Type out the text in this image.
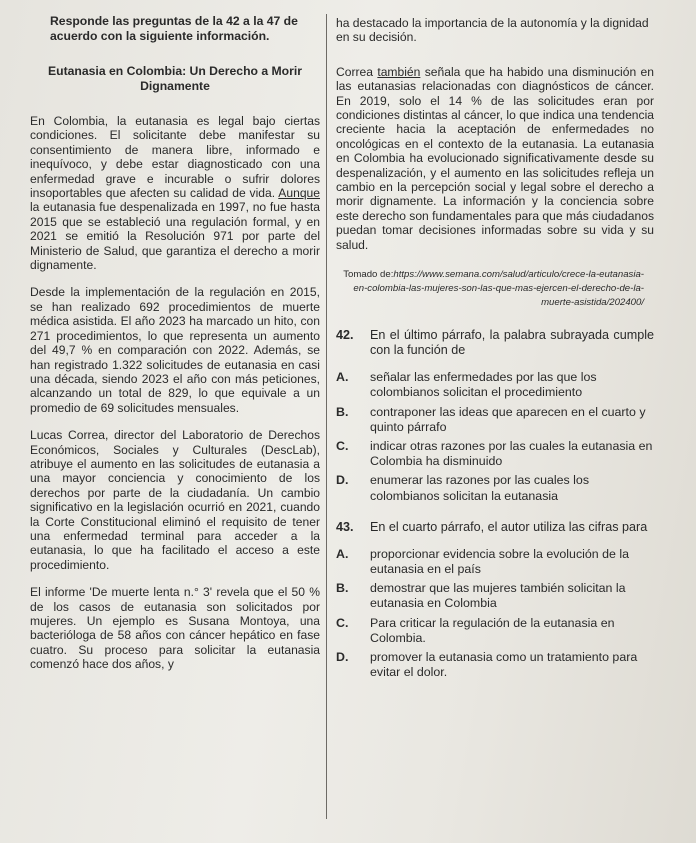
Responde las preguntas de la 42 a la 47 de acuerdo con la siguiente información.
Eutanasia en Colombia: Un Derecho a Morir Dignamente
En Colombia, la eutanasia es legal bajo ciertas condiciones. El solicitante debe manifestar su consentimiento de manera libre, informado e inequívoco, y debe estar diagnosticado con una enfermedad grave e incurable o sufrir dolores insoportables que afecten su calidad de vida. Aunque la eutanasia fue despenalizada en 1997, no fue hasta 2015 que se estableció una regulación formal, y en 2021 se emitió la Resolución 971 por parte del Ministerio de Salud, que garantiza el derecho a morir dignamente.
Desde la implementación de la regulación en 2015, se han realizado 692 procedimientos de muerte médica asistida. El año 2023 ha marcado un hito, con 271 procedimientos, lo que representa un aumento del 49,7 % en comparación con 2022. Además, se han registrado 1.322 solicitudes de eutanasia en casi una década, siendo 2023 el año con más peticiones, alcanzando un total de 829, lo que equivale a un promedio de 69 solicitudes mensuales.
Lucas Correa, director del Laboratorio de Derechos Económicos, Sociales y Culturales (DescLab), atribuye el aumento en las solicitudes de eutanasia a una mayor conciencia y conocimiento de los derechos por parte de la ciudadanía. Un cambio significativo en la legislación ocurrió en 2021, cuando la Corte Constitucional eliminó el requisito de tener una enfermedad terminal para acceder a la eutanasia, lo que ha facilitado el acceso a este procedimiento.
El informe 'De muerte lenta n.° 3' revela que el 50 % de los casos de eutanasia son solicitados por mujeres. Un ejemplo es Susana Montoya, una bacterióloga de 58 años con cáncer hepático en fase cuatro. Su proceso para solicitar la eutanasia comenzó hace dos años, y
ha destacado la importancia de la autonomía y la dignidad en su decisión.
Correa también señala que ha habido una disminución en las eutanasias relacionadas con diagnósticos de cáncer. En 2019, solo el 14 % de las solicitudes eran por condiciones distintas al cáncer, lo que indica una tendencia creciente hacia la aceptación de enfermedades no oncológicas en el contexto de la eutanasia. La eutanasia en Colombia ha evolucionado significativamente desde su despenalización, y el aumento en las solicitudes refleja un cambio en la percepción social y legal sobre el derecho a morir dignamente. La información y la conciencia sobre este derecho son fundamentales para que más ciudadanos puedan tomar decisiones informadas sobre su vida y su salud.
Tomado de:https://www.semana.com/salud/articulo/crece-la-eutanasia-en-colombia-las-mujeres-son-las-que-mas-ejercen-el-derecho-de-la-muerte-asistida/202400/
42.	En el último párrafo, la palabra subrayada cumple con la función de
A.	señalar las enfermedades por las que los colombianos solicitan el procedimiento
B.	contraponer las ideas que aparecen en el cuarto y quinto párrafo
C.	indicar otras razones por las cuales la eutanasia en Colombia ha disminuido
D.	enumerar las razones por las cuales los colombianos solicitan la eutanasia
43.	En el cuarto párrafo, el autor utiliza las cifras para
A.	proporcionar evidencia sobre la evolución de la eutanasia en el país
B.	demostrar que las mujeres también solicitan la eutanasia en Colombia
C.	Para criticar la regulación de la eutanasia en Colombia.
D.	promover la eutanasia como un tratamiento para evitar el dolor.
